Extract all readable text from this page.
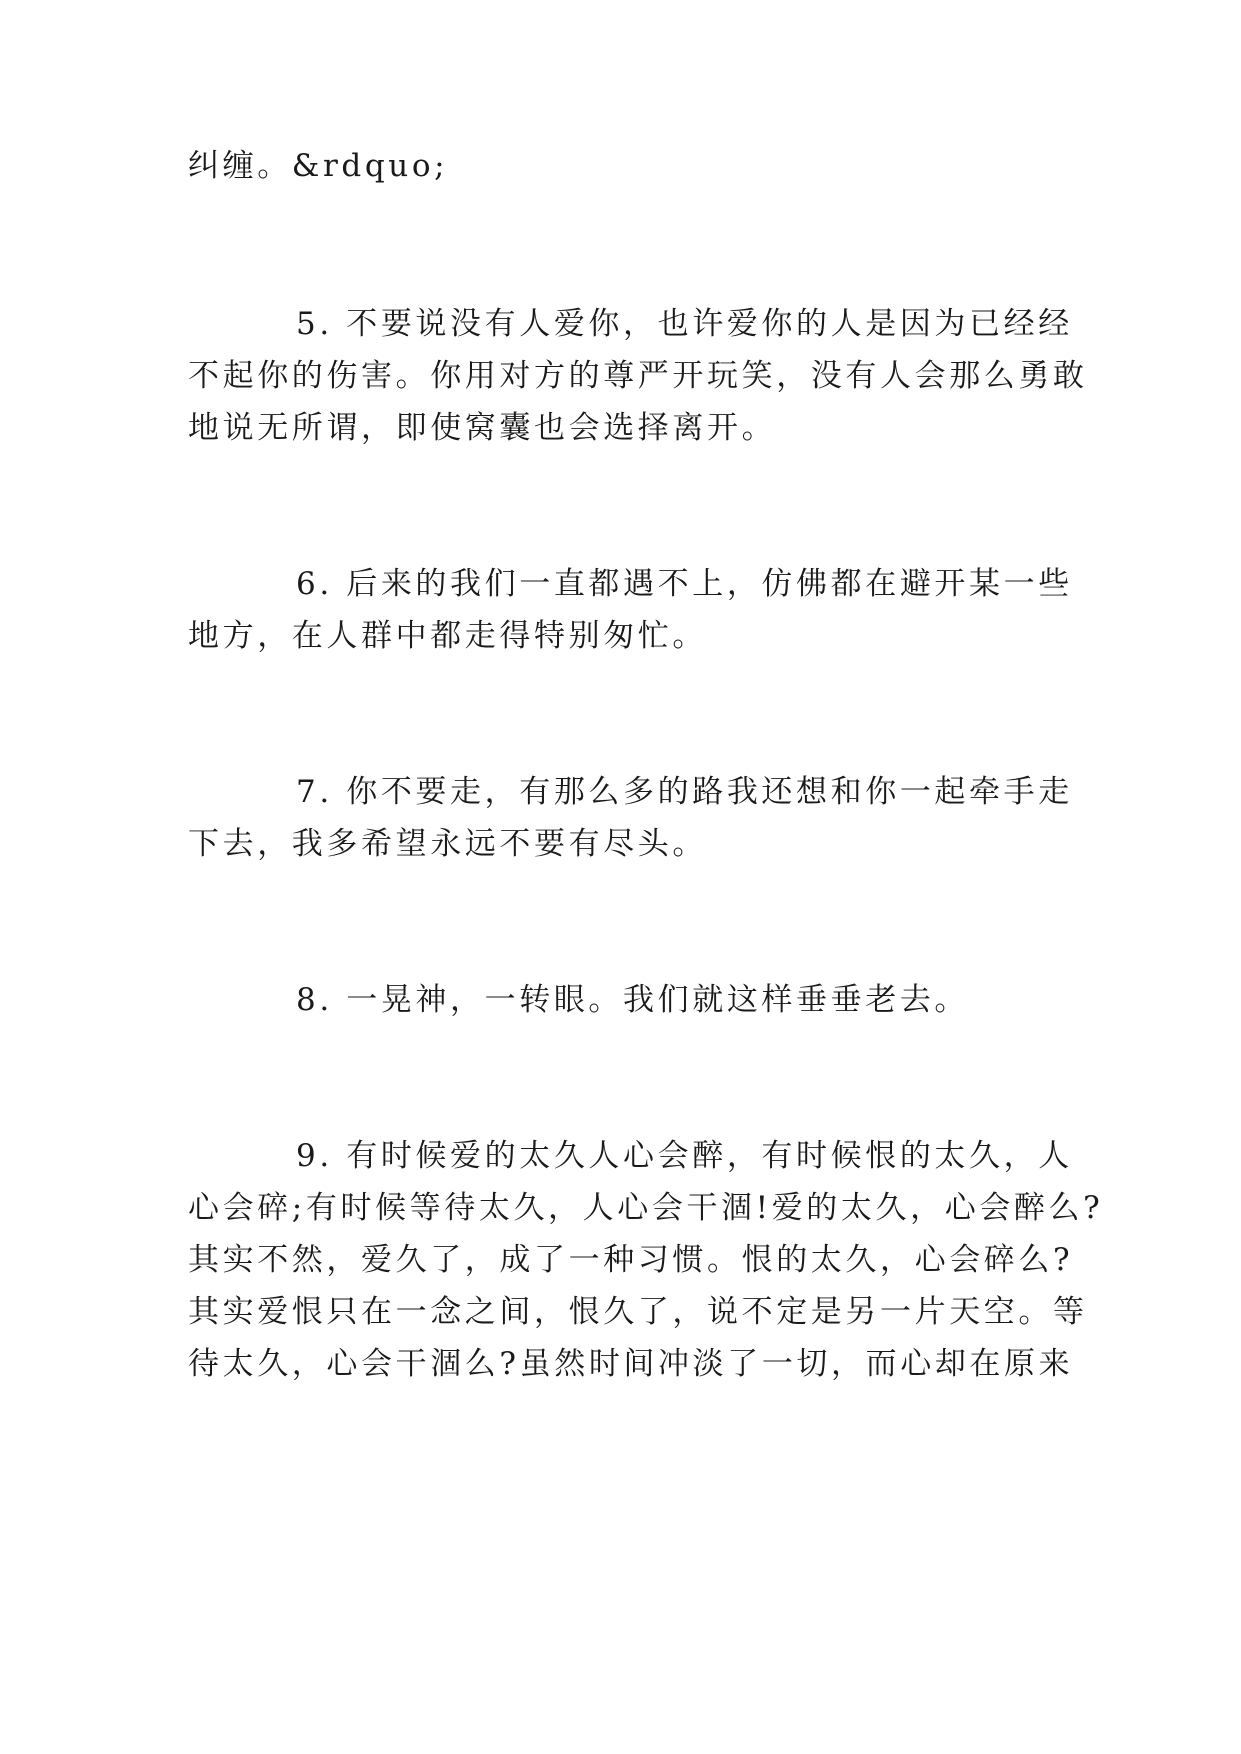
纠缠。&rdquo;
5. 不要说没有人爱你，也许爱你的人是因为已经经
不起你的伤害。你用对方的尊严开玩笑，没有人会那么勇敢
地说无所谓，即使窝囊也会选择离开。
6. 后来的我们一直都遇不上，仿佛都在避开某一些
地方，在人群中都走得特别匆忙。
7. 你不要走，有那么多的路我还想和你一起牵手走
下去，我多希望永远不要有尽头。
8. 一晃神，一转眼。我们就这样垂垂老去。
9. 有时候爱的太久人心会醉，有时候恨的太久，人
心会碎;有时候等待太久，人心会干涸!爱的太久，心会醉么?
其实不然，爱久了，成了一种习惯。恨的太久，心会碎么?
其实爱恨只在一念之间，恨久了，说不定是另一片天空。等
待太久，心会干涸么?虽然时间冲淡了一切，而心却在原来
